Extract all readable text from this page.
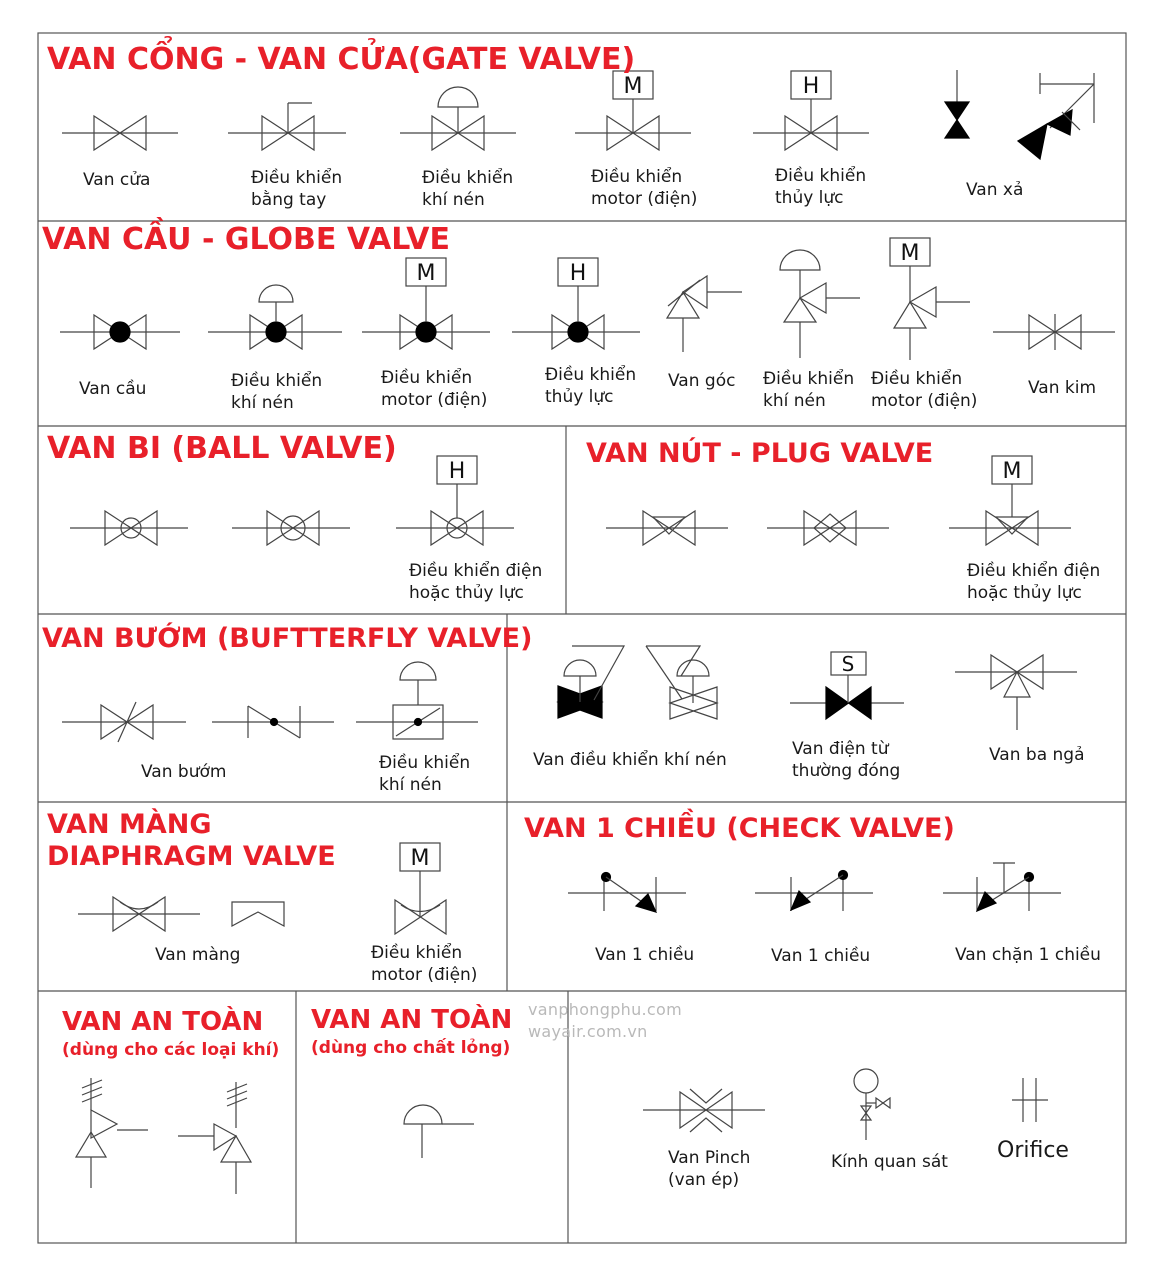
M	H
M	H
M
H	M
S
M
VAN CỔNG - VAN CỬA(GATE VALVE)
VAN CẦU - GLOBE VALVE
VAN BI (BALL VALVE)	VAN NÚT - PLUG VALVE
VAN BƯỚM (BUFTTERFLY VALVE)
VAN MÀNG
DIAPHRAGM VALVE
VAN 1 CHIỀU (CHECK VALVE)
VAN AN TOÀN
(dùng cho các loại khí)
VAN AN TOÀN
(dùng cho chất lỏng)
vanphongphu.com
wayair.com.vn
Van cửa	Điều khiển
bằng tay
Điều khiển
khí nén
Điều khiển
motor (điện)
Điều khiển
thủy lực	Van xả
Van cầu	Điều khiển
khí nén
Điều khiển
motor (điện)
Điều khiển
thủy lực
Van góc Điều khiển
khí nén
Điều khiển
motor (điện)
Van kim
Điều khiển điện
hoặc thủy lực
Điều khiển điện
hoặc thủy lực
Van bướm	Điều khiển
khí nén
Van điều khiển khí nén
Van điện từ
thường đóng
Van ba ngả
Van màng	Điều khiển
motor (điện)
Van 1 chiều	Van 1 chiều	Van chặn 1 chiều
Van Pinch
(van ép)
Kính quan sát Orifice
